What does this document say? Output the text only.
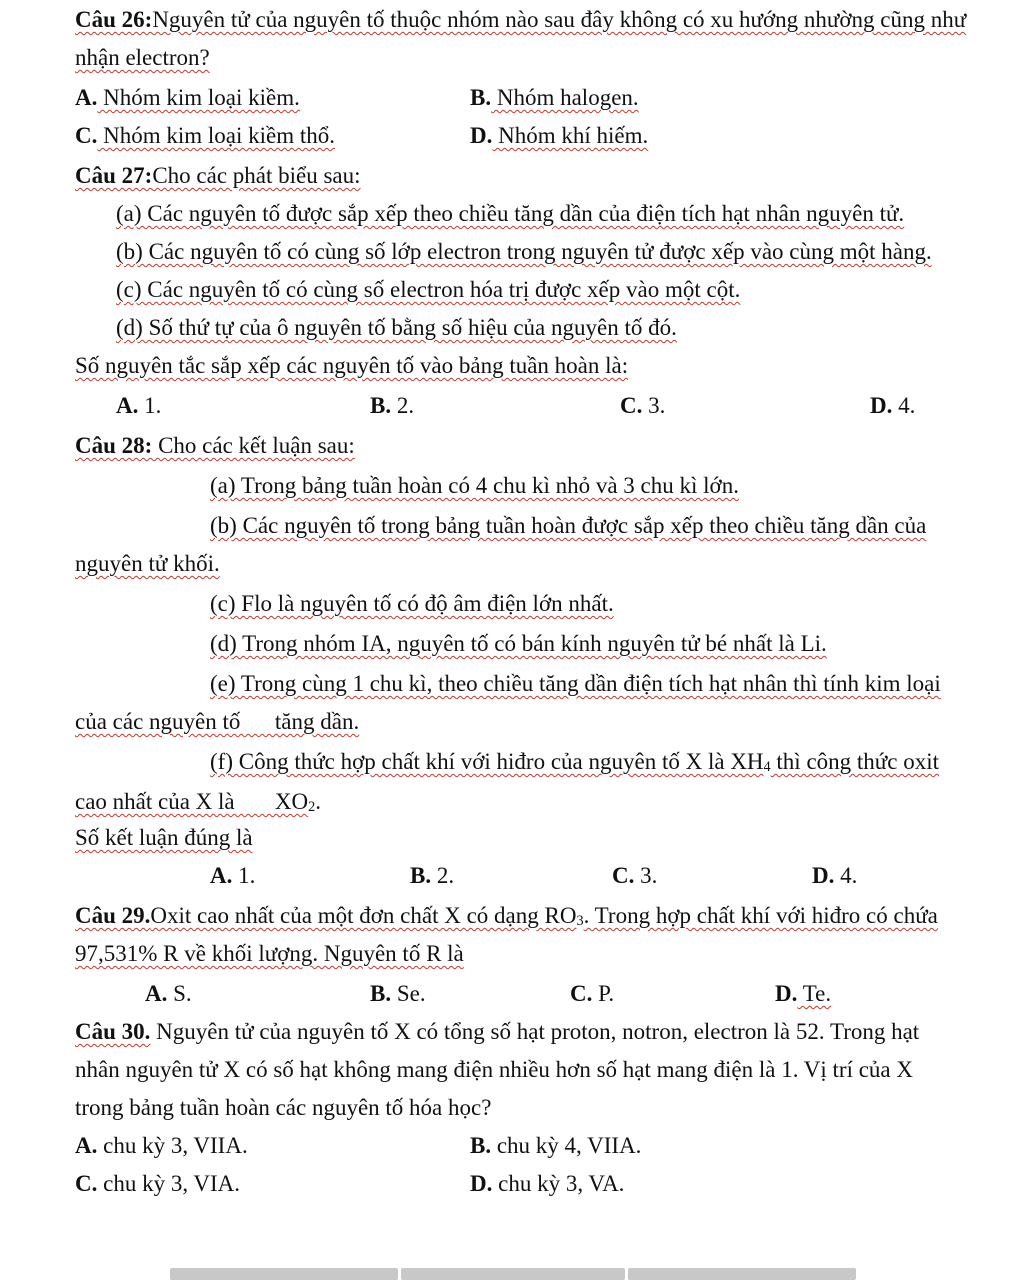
Câu 26:Nguyên tử của nguyên tố thuộc nhóm nào sau đây không có xu hướng nhường cũng như
nhận electron?
A. Nhóm kim loại kiềm.	B. Nhóm halogen.
C. Nhóm kim loại kiềm thổ.	D. Nhóm khí hiếm.
Câu 27:Cho các phát biểu sau:
(a) Các nguyên tố được sắp xếp theo chiều tăng dần của điện tích hạt nhân nguyên tử.
(b) Các nguyên tố có cùng số lớp electron trong nguyên tử được xếp vào cùng một hàng.
(c) Các nguyên tố có cùng số electron hóa trị được xếp vào một cột.
(d) Số thứ tự của ô nguyên tố bằng số hiệu của nguyên tố đó.
Số nguyên tắc sắp xếp các nguyên tố vào bảng tuần hoàn là:
A. 1.	B. 2.	C. 3.	D. 4.
Câu 28: Cho các kết luận sau:
(a) Trong bảng tuần hoàn có 4 chu kì nhỏ và 3 chu kì lớn.
(b) Các nguyên tố trong bảng tuần hoàn được sắp xếp theo chiều tăng dần của
nguyên tử khối.
(c) Flo là nguyên tố có độ âm điện lớn nhất.
(d) Trong nhóm IA, nguyên tố có bán kính nguyên tử bé nhất là Li.
(e) Trong cùng 1 chu kì, theo chiều tăng dần điện tích hạt nhân thì tính kim loại
của các nguyên tố      tăng dần.
(f) Công thức hợp chất khí với hiđro của nguyên tố X là $XH_4$ thì công thức oxit
cao nhất của X là       $XO_2$.
Số kết luận đúng là
A. 1.	B. 2.	C. 3.	D. 4.
Câu 29.Oxit cao nhất của một đơn chất X có dạng $RO_3$. Trong hợp chất khí với hiđro có chứa
97,531% R về khối lượng. Nguyên tố R là
A. S.	B. Se.	C. P.	D. Te.
Câu 30. Nguyên tử của nguyên tố X có tổng số hạt proton, notron, electron là 52. Trong hạt
nhân nguyên tử X có số hạt không mang điện nhiều hơn số hạt mang điện là 1. Vị trí của X
trong bảng tuần hoàn các nguyên tố hóa học?
A. chu kỳ 3, VIIA.	B. chu kỳ 4, VIIA.
C. chu kỳ 3, VIA.	D. chu kỳ 3, VA.
